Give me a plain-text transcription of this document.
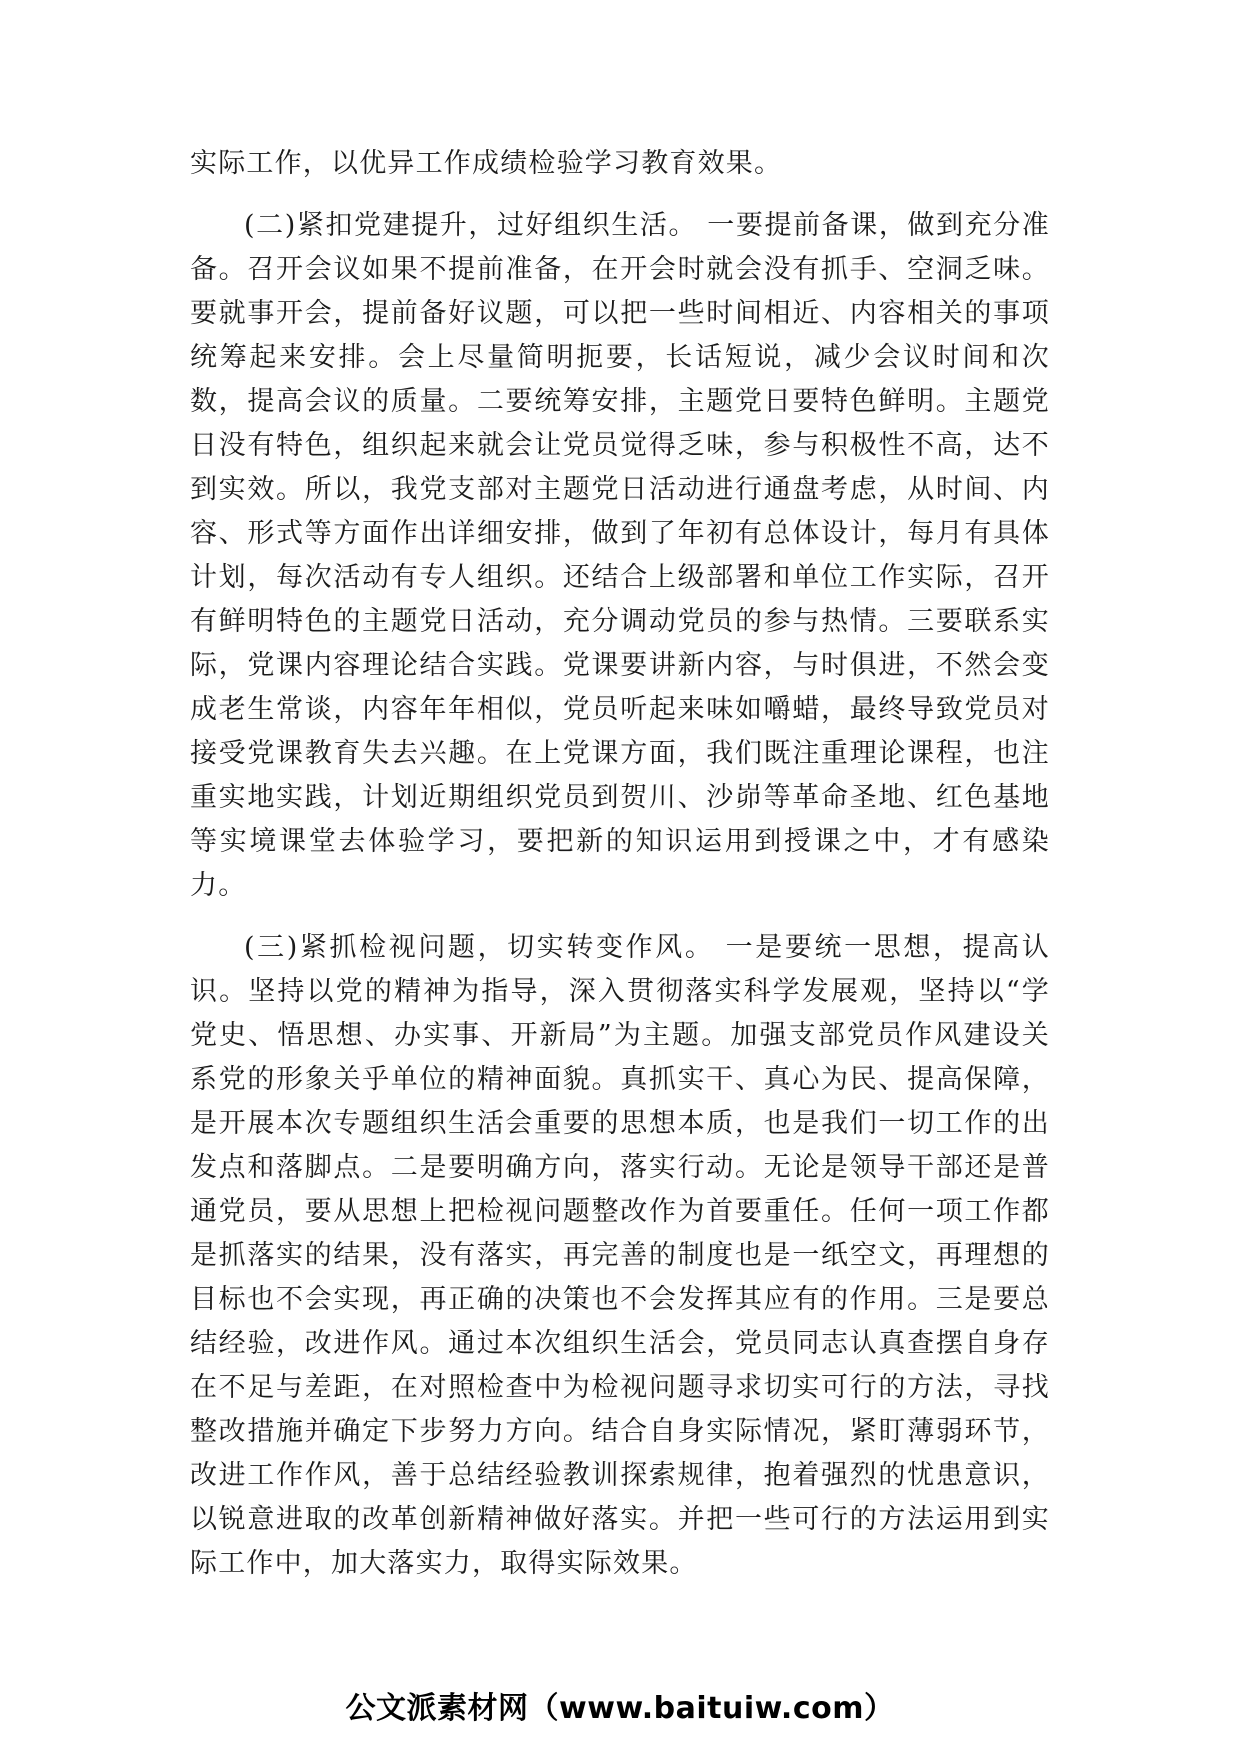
实际工作，以优异工作成绩检验学习教育效果。

(二)紧扣党建提升，过好组织生活。 一要提前备课，做到充分准备。召开会议如果不提前准备，在开会时就会没有抓手、空洞乏味。要就事开会，提前备好议题，可以把一些时间相近、内容相关的事项统筹起来安排。会上尽量简明扼要，长话短说，减少会议时间和次数，提高会议的质量。二要统筹安排，主题党日要特色鲜明。主题党日没有特色，组织起来就会让党员觉得乏味，参与积极性不高，达不到实效。所以，我党支部对主题党日活动进行通盘考虑，从时间、内容、形式等方面作出详细安排，做到了年初有总体设计，每月有具体计划，每次活动有专人组织。还结合上级部署和单位工作实际，召开有鲜明特色的主题党日活动，充分调动党员的参与热情。三要联系实际，党课内容理论结合实践。党课要讲新内容，与时俱进，不然会变成老生常谈，内容年年相似，党员听起来味如嚼蜡，最终导致党员对接受党课教育失去兴趣。在上党课方面，我们既注重理论课程，也注重实地实践，计划近期组织党员到贺川、沙峁等革命圣地、红色基地等实境课堂去体验学习，要把新的知识运用到授课之中，才有感染力。

(三)紧抓检视问题，切实转变作风。 一是要统一思想，提高认识。坚持以党的精神为指导，深入贯彻落实科学发展观，坚持以“学党史、悟思想、办实事、开新局”为主题。加强支部党员作风建设关系党的形象关乎单位的精神面貌。真抓实干、真心为民、提高保障，是开展本次专题组织生活会重要的思想本质，也是我们一切工作的出发点和落脚点。二是要明确方向，落实行动。无论是领导干部还是普通党员，要从思想上把检视问题整改作为首要重任。任何一项工作都是抓落实的结果，没有落实，再完善的制度也是一纸空文，再理想的目标也不会实现，再正确的决策也不会发挥其应有的作用。三是要总结经验，改进作风。通过本次组织生活会，党员同志认真查摆自身存在不足与差距，在对照检查中为检视问题寻求切实可行的方法，寻找整改措施并确定下步努力方向。结合自身实际情况，紧盯薄弱环节，改进工作作风，善于总结经验教训探索规律，抱着强烈的忧患意识，以锐意进取的改革创新精神做好落实。并把一些可行的方法运用到实际工作中，加大落实力，取得实际效果。

公文派素材网（www.baituiw.com）
